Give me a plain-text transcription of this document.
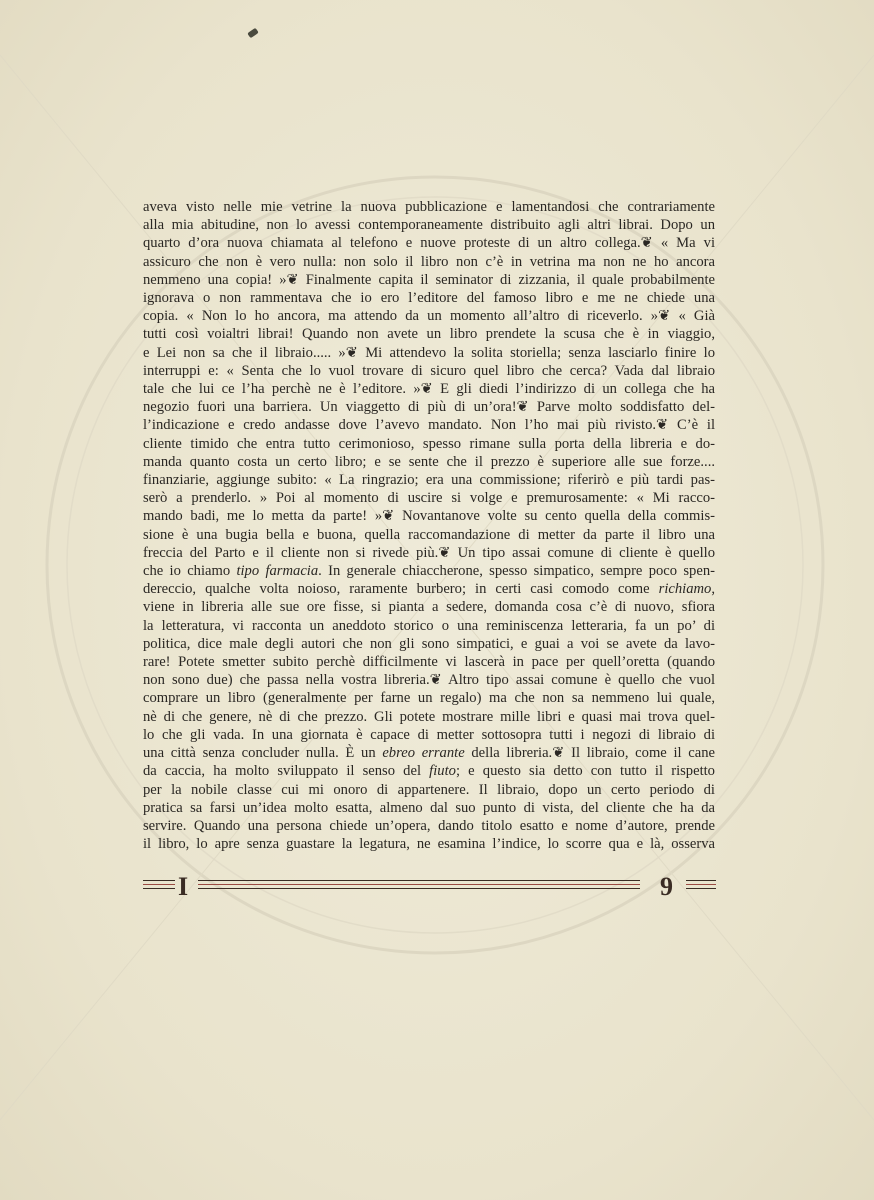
aveva visto nelle mie vetrine la nuova pubblicazione e lamentandosi che contrariamente

alla mia abitudine, non lo avessi contemporaneamente distribuito agli altri librai. Dopo un

quarto d’ora nuova chiamata al telefono e nuove proteste di un altro collega.❦ « Ma vi

assicuro che non è vero nulla: non solo il libro non c’è in vetrina ma non ne ho ancora

nemmeno una copia! »❦ Finalmente capita il seminator di zizzania, il quale probabilmente

ignorava o non rammentava che io ero l’editore del famoso libro e me ne chiede una

copia. « Non lo ho ancora, ma attendo da un momento all’altro di riceverlo. »❦ « Già

tutti così voialtri librai! Quando non avete un libro prendete la scusa che è in viaggio,

e Lei non sa che il libraio..... »❦ Mi attendevo la solita storiella; senza lasciarlo finire lo

interruppi e: « Senta che lo vuol trovare di sicuro quel libro che cerca? Vada dal libraio

tale che lui ce l’ha perchè ne è l’editore. »❦ E gli diedi l’indirizzo di un collega che ha

negozio fuori una barriera. Un viaggetto di più di un’ora!❦ Parve molto soddisfatto del-

l’indicazione e credo andasse dove l’avevo mandato. Non l’ho mai più rivisto.❦ C’è il

cliente timido che entra tutto cerimonioso, spesso rimane sulla porta della libreria e do-

manda quanto costa un certo libro; e se sente che il prezzo è superiore alle sue forze....

finanziarie, aggiunge subito: « La ringrazio; era una commissione; riferirò e più tardi pas-

serò a prenderlo. » Poi al momento di uscire si volge e premurosamente: « Mi racco-

mando badi, me lo metta da parte! »❦ Novantanove volte su cento quella della commis-

sione è una bugia bella e buona, quella raccomandazione di metter da parte il libro una

freccia del Parto e il cliente non si rivede più.❦ Un tipo assai comune di cliente è quello

che io chiamo tipo farmacia. In generale chiaccherone, spesso simpatico, sempre poco spen-

dereccio, qualche volta noioso, raramente burbero; in certi casi comodo come richiamo,

viene in libreria alle sue ore fisse, si pianta a sedere, domanda cosa c’è di nuovo, sfiora

la letteratura, vi racconta un aneddoto storico o una reminiscenza letteraria, fa un po’ di

politica, dice male degli autori che non gli sono simpatici, e guai a voi se avete da lavo-

rare! Potete smetter subito perchè difficilmente vi lascerà in pace per quell’oretta (quando

non sono due) che passa nella vostra libreria.❦ Altro tipo assai comune è quello che vuol

comprare un libro (generalmente per farne un regalo) ma che non sa nemmeno lui quale,

nè di che genere, nè di che prezzo. Gli potete mostrare mille libri e quasi mai trova quel-

lo che gli vada. In una giornata è capace di metter sottosopra tutti i negozi di libraio di

una città senza concluder nulla. È un ebreo errante della libreria.❦ Il libraio, come il cane

da caccia, ha molto sviluppato il senso del fiuto; e questo sia detto con tutto il rispetto

per la nobile classe cui mi onoro di appartenere. Il libraio, dopo un certo periodo di

pratica sa farsi un’idea molto esatta, almeno dal suo punto di vista, del cliente che ha da

servire. Quando una persona chiede un’opera, dando titolo esatto e nome d’autore, prende

il libro, lo apre senza guastare la legatura, ne esamina l’indice, lo scorre qua e là, osserva

I	9
